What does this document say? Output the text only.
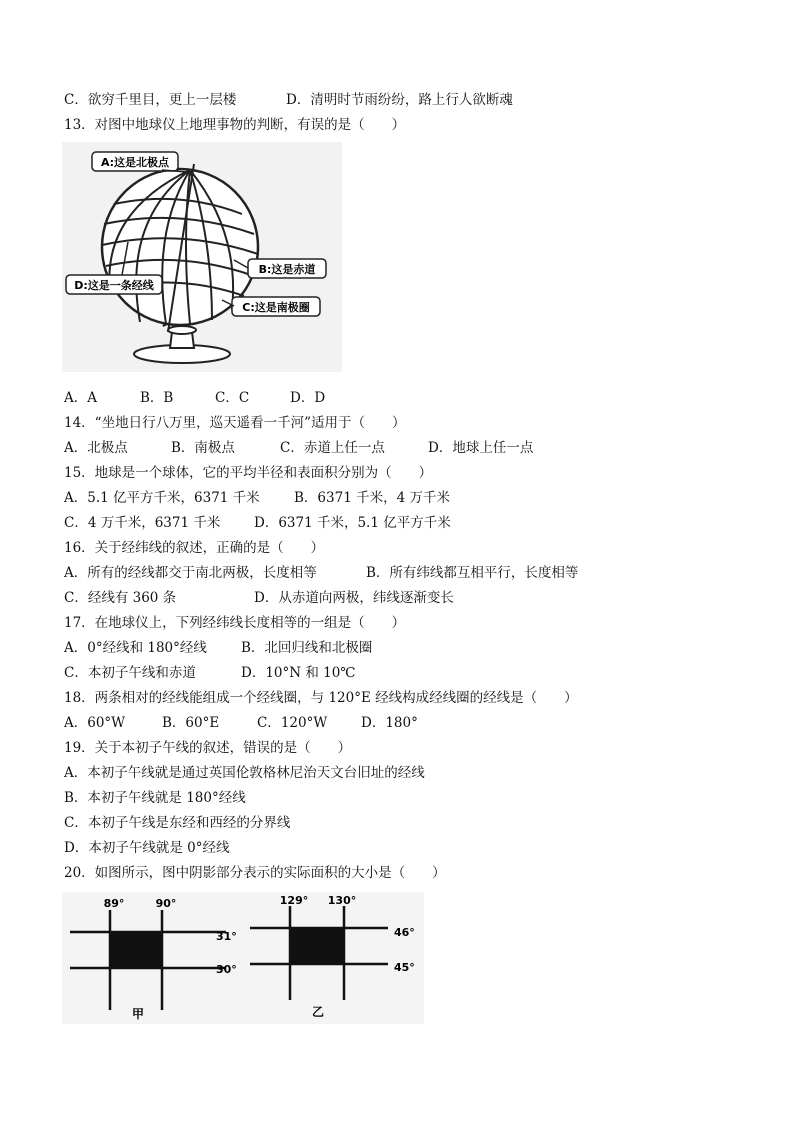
C．欲穷千里目，更上一层楼	D．清明时节雨纷纷，路上行人欲断魂
13．对图中地球仪上地理事物的判断，有误的是（　　）
A:这是北极点
B:这是赤道
C:这是南极圈
D:这是一条经线
A．A	B．B	C．C	D．D
14．“坐地日行八万里，巡天遥看一千河”适用于（　　）
A．北极点	B．南极点	C．赤道上任一点	D．地球上任一点
15．地球是一个球体，它的平均半径和表面积分别为（　　）
A．5.1 亿平方千米，6371 千米	B．6371 千米，4 万千米
C．4 万千米，6371 千米 D．6371 千米，5.1 亿平方千米
16．关于经纬线的叙述，正确的是（　　）
A．所有的经线都交于南北两极，长度相等	B．所有纬线都互相平行，长度相等
C．经线有 360 条	D．从赤道向两极，纬线逐渐变长
17．在地球仪上，下列经纬线长度相等的一组是（　　）
A．0°经线和 180°经线	B．北回归线和北极圈
C．本初子午线和赤道	D．10°N 和 10℃
18．两条相对的经线能组成一个经线圈，与 120°E 经线构成经线圈的经线是（　　）
A．60°W	B．60°E	C．120°W	D．180°
19．关于本初子午线的叙述，错误的是（　　）
A．本初子午线就是通过英国伦敦格林尼治天文台旧址的经线
B．本初子午线就是 180°经线
C．本初子午线是东经和西经的分界线
D．本初子午线就是 0°经线
20．如图所示，图中阴影部分表示的实际面积的大小是（　　）
89°	90°
31°
30°
甲
129° 130°
46°
45°
乙
